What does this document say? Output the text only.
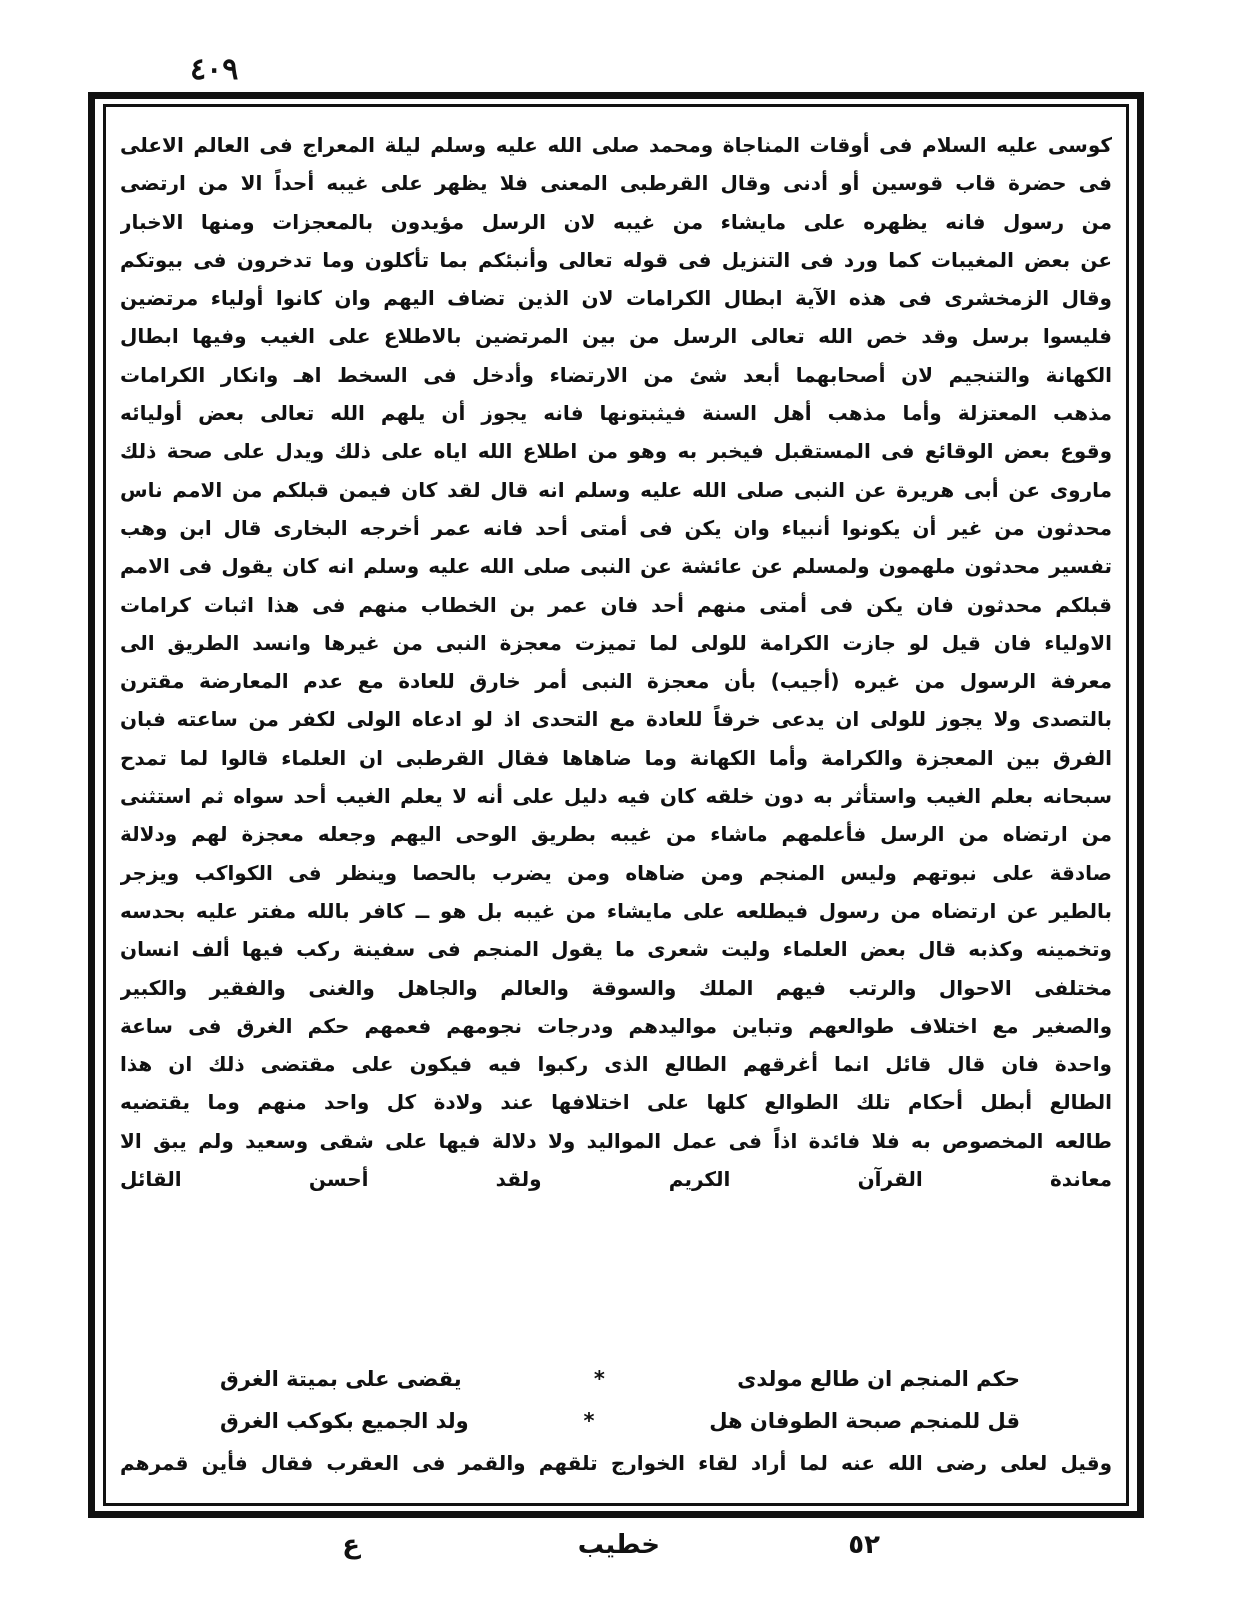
٤٠٩
كوسى عليه السلام فى أوقات المناجاة ومحمد صلى الله عليه وسلم ليلة المعراج فى العالم الاعلى
فى حضرة قاب قوسين أو أدنى وقال القرطبى المعنى فلا يظهر على غيبه أحداً الا من ارتضى
من رسول فانه يظهره على مايشاء من غيبه لان الرسل مؤيدون بالمعجزات ومنها الاخبار
عن بعض المغيبات كما ورد فى التنزيل فى قوله تعالى وأنبئكم بما تأكلون وما تدخرون فى بيوتكم
وقال الزمخشرى فى هذه الآية ابطال الكرامات لان الذين تضاف اليهم وان كانوا أولياء مرتضين
فليسوا برسل وقد خص الله تعالى الرسل من بين المرتضين بالاطلاع على الغيب وفيها ابطال
الكهانة والتنجيم لان أصحابهما أبعد شئ من الارتضاء وأدخل فى السخط اهـ وانكار الكرامات
مذهب المعتزلة وأما مذهب أهل السنة فيثبتونها فانه يجوز أن يلهم الله تعالى بعض أوليائه
وقوع بعض الوقائع فى المستقبل فيخبر به وهو من اطلاع الله اياه على ذلك ويدل على صحة ذلك
ماروى عن أبى هريرة عن النبى صلى الله عليه وسلم انه قال لقد كان فيمن قبلكم من الامم ناس
محدثون من غير أن يكونوا أنبياء وان يكن فى أمتى أحد فانه عمر أخرجه البخارى قال ابن وهب
تفسير محدثون ملهمون ولمسلم عن عائشة عن النبى صلى الله عليه وسلم انه كان يقول فى الامم
قبلكم محدثون فان يكن فى أمتى منهم أحد فان عمر بن الخطاب منهم فى هذا اثبات كرامات
الاولياء فان قيل لو جازت الكرامة للولى لما تميزت معجزة النبى من غيرها وانسد الطريق الى
معرفة الرسول من غيره (أجيب) بأن معجزة النبى أمر خارق للعادة مع عدم المعارضة مقترن
بالتصدى ولا يجوز للولى ان يدعى خرقاً للعادة مع التحدى اذ لو ادعاه الولى لكفر من ساعته فبان
الفرق بين المعجزة والكرامة وأما الكهانة وما ضاهاها فقال القرطبى ان العلماء قالوا لما تمدح
سبحانه بعلم الغيب واستأثر به دون خلقه كان فيه دليل على أنه لا يعلم الغيب أحد سواه ثم استثنى
من ارتضاه من الرسل فأعلمهم ماشاء من غيبه بطريق الوحى اليهم وجعله معجزة لهم ودلالة
صادقة على نبوتهم وليس المنجم ومن ضاهاه ومن يضرب بالحصا وينظر فى الكواكب ويزجر
بالطير عن ارتضاه من رسول فيطلعه على مايشاء من غيبه بل هو ــ كافر بالله مفتر عليه بحدسه
وتخمينه وكذبه قال بعض العلماء وليت شعرى ما يقول المنجم فى سفينة ركب فيها ألف انسان
مختلفى الاحوال والرتب فيهم الملك والسوقة والعالم والجاهل والغنى والفقير والكبير
والصغير مع اختلاف طوالعهم وتباين مواليدهم ودرجات نجومهم فعمهم حكم الغرق فى ساعة
واحدة فان قال قائل انما أغرقهم الطالع الذى ركبوا فيه فيكون على مقتضى ذلك ان هذا
الطالع أبطل أحكام تلك الطوالع كلها على اختلافها عند ولادة كل واحد منهم وما يقتضيه
طالعه المخصوص به فلا فائدة اذاً فى عمل المواليد ولا دلالة فيها على شقى وسعيد ولم يبق الا
معاندة القرآن الكريم ولقد أحسن القائل
حكم المنجم ان طالع مولدى
*
يقضى على بميتة الغرق
قل للمنجم صبحة الطوفان هل
*
ولد الجميع بكوكب الغرق
وقيل لعلى رضى الله عنه لما أراد لقاء الخوارج تلقهم والقمر فى العقرب فقال فأين قمرهم
٥٢
خطيب
ع
